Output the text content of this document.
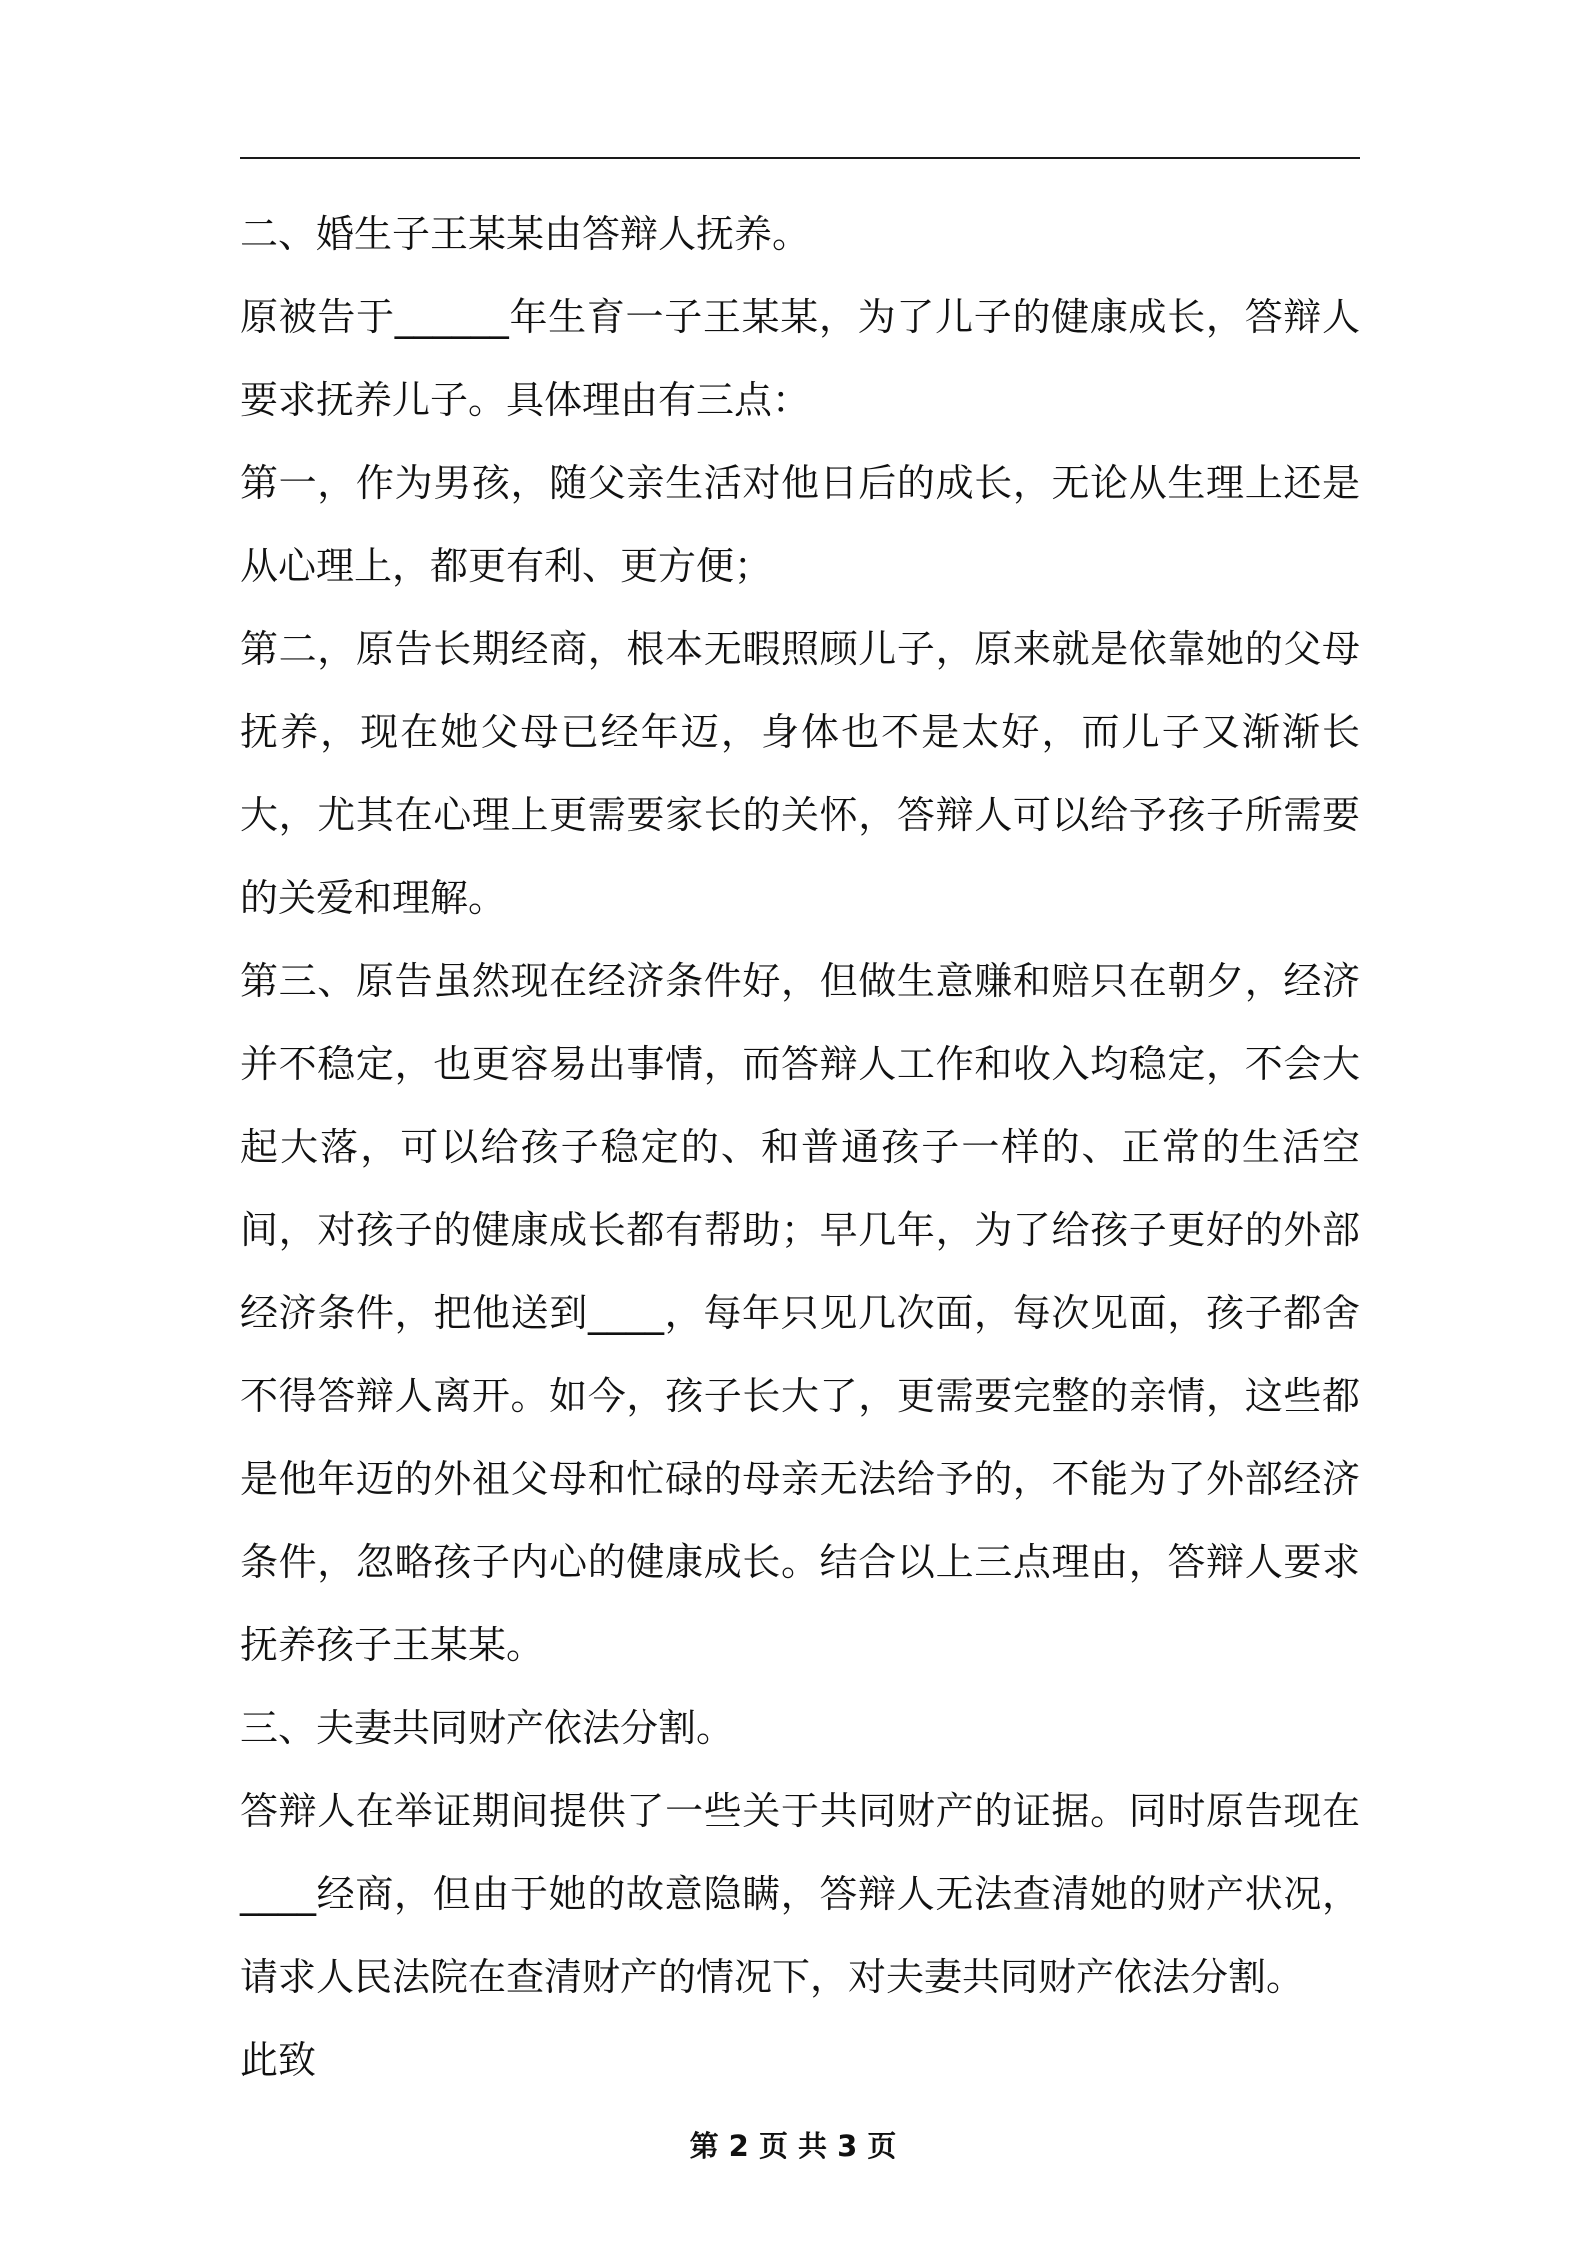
二、婚生子王某某由答辩人抚养。

原被告于______年生育一子王某某，为了儿子的健康成长，答辩人要求抚养儿子。具体理由有三点：

第一，作为男孩，随父亲生活对他日后的成长，无论从生理上还是从心理上，都更有利、更方便；

第二，原告长期经商，根本无暇照顾儿子，原来就是依靠她的父母抚养，现在她父母已经年迈，身体也不是太好，而儿子又渐渐长大，尤其在心理上更需要家长的关怀，答辩人可以给予孩子所需要的关爱和理解。

第三、原告虽然现在经济条件好，但做生意赚和赔只在朝夕，经济并不稳定，也更容易出事情，而答辩人工作和收入均稳定，不会大起大落，可以给孩子稳定的、和普通孩子一样的、正常的生活空间，对孩子的健康成长都有帮助；早几年，为了给孩子更好的外部经济条件，把他送到____，每年只见几次面，每次见面，孩子都舍不得答辩人离开。如今，孩子长大了，更需要完整的亲情，这些都是他年迈的外祖父母和忙碌的母亲无法给予的，不能为了外部经济条件，忽略孩子内心的健康成长。结合以上三点理由，答辩人要求抚养孩子王某某。

三、夫妻共同财产依法分割。

答辩人在举证期间提供了一些关于共同财产的证据。同时原告现在____经商，但由于她的故意隐瞒，答辩人无法查清她的财产状况，请求人民法院在查清财产的情况下，对夫妻共同财产依法分割。

此致

第 2 页 共 3 页
